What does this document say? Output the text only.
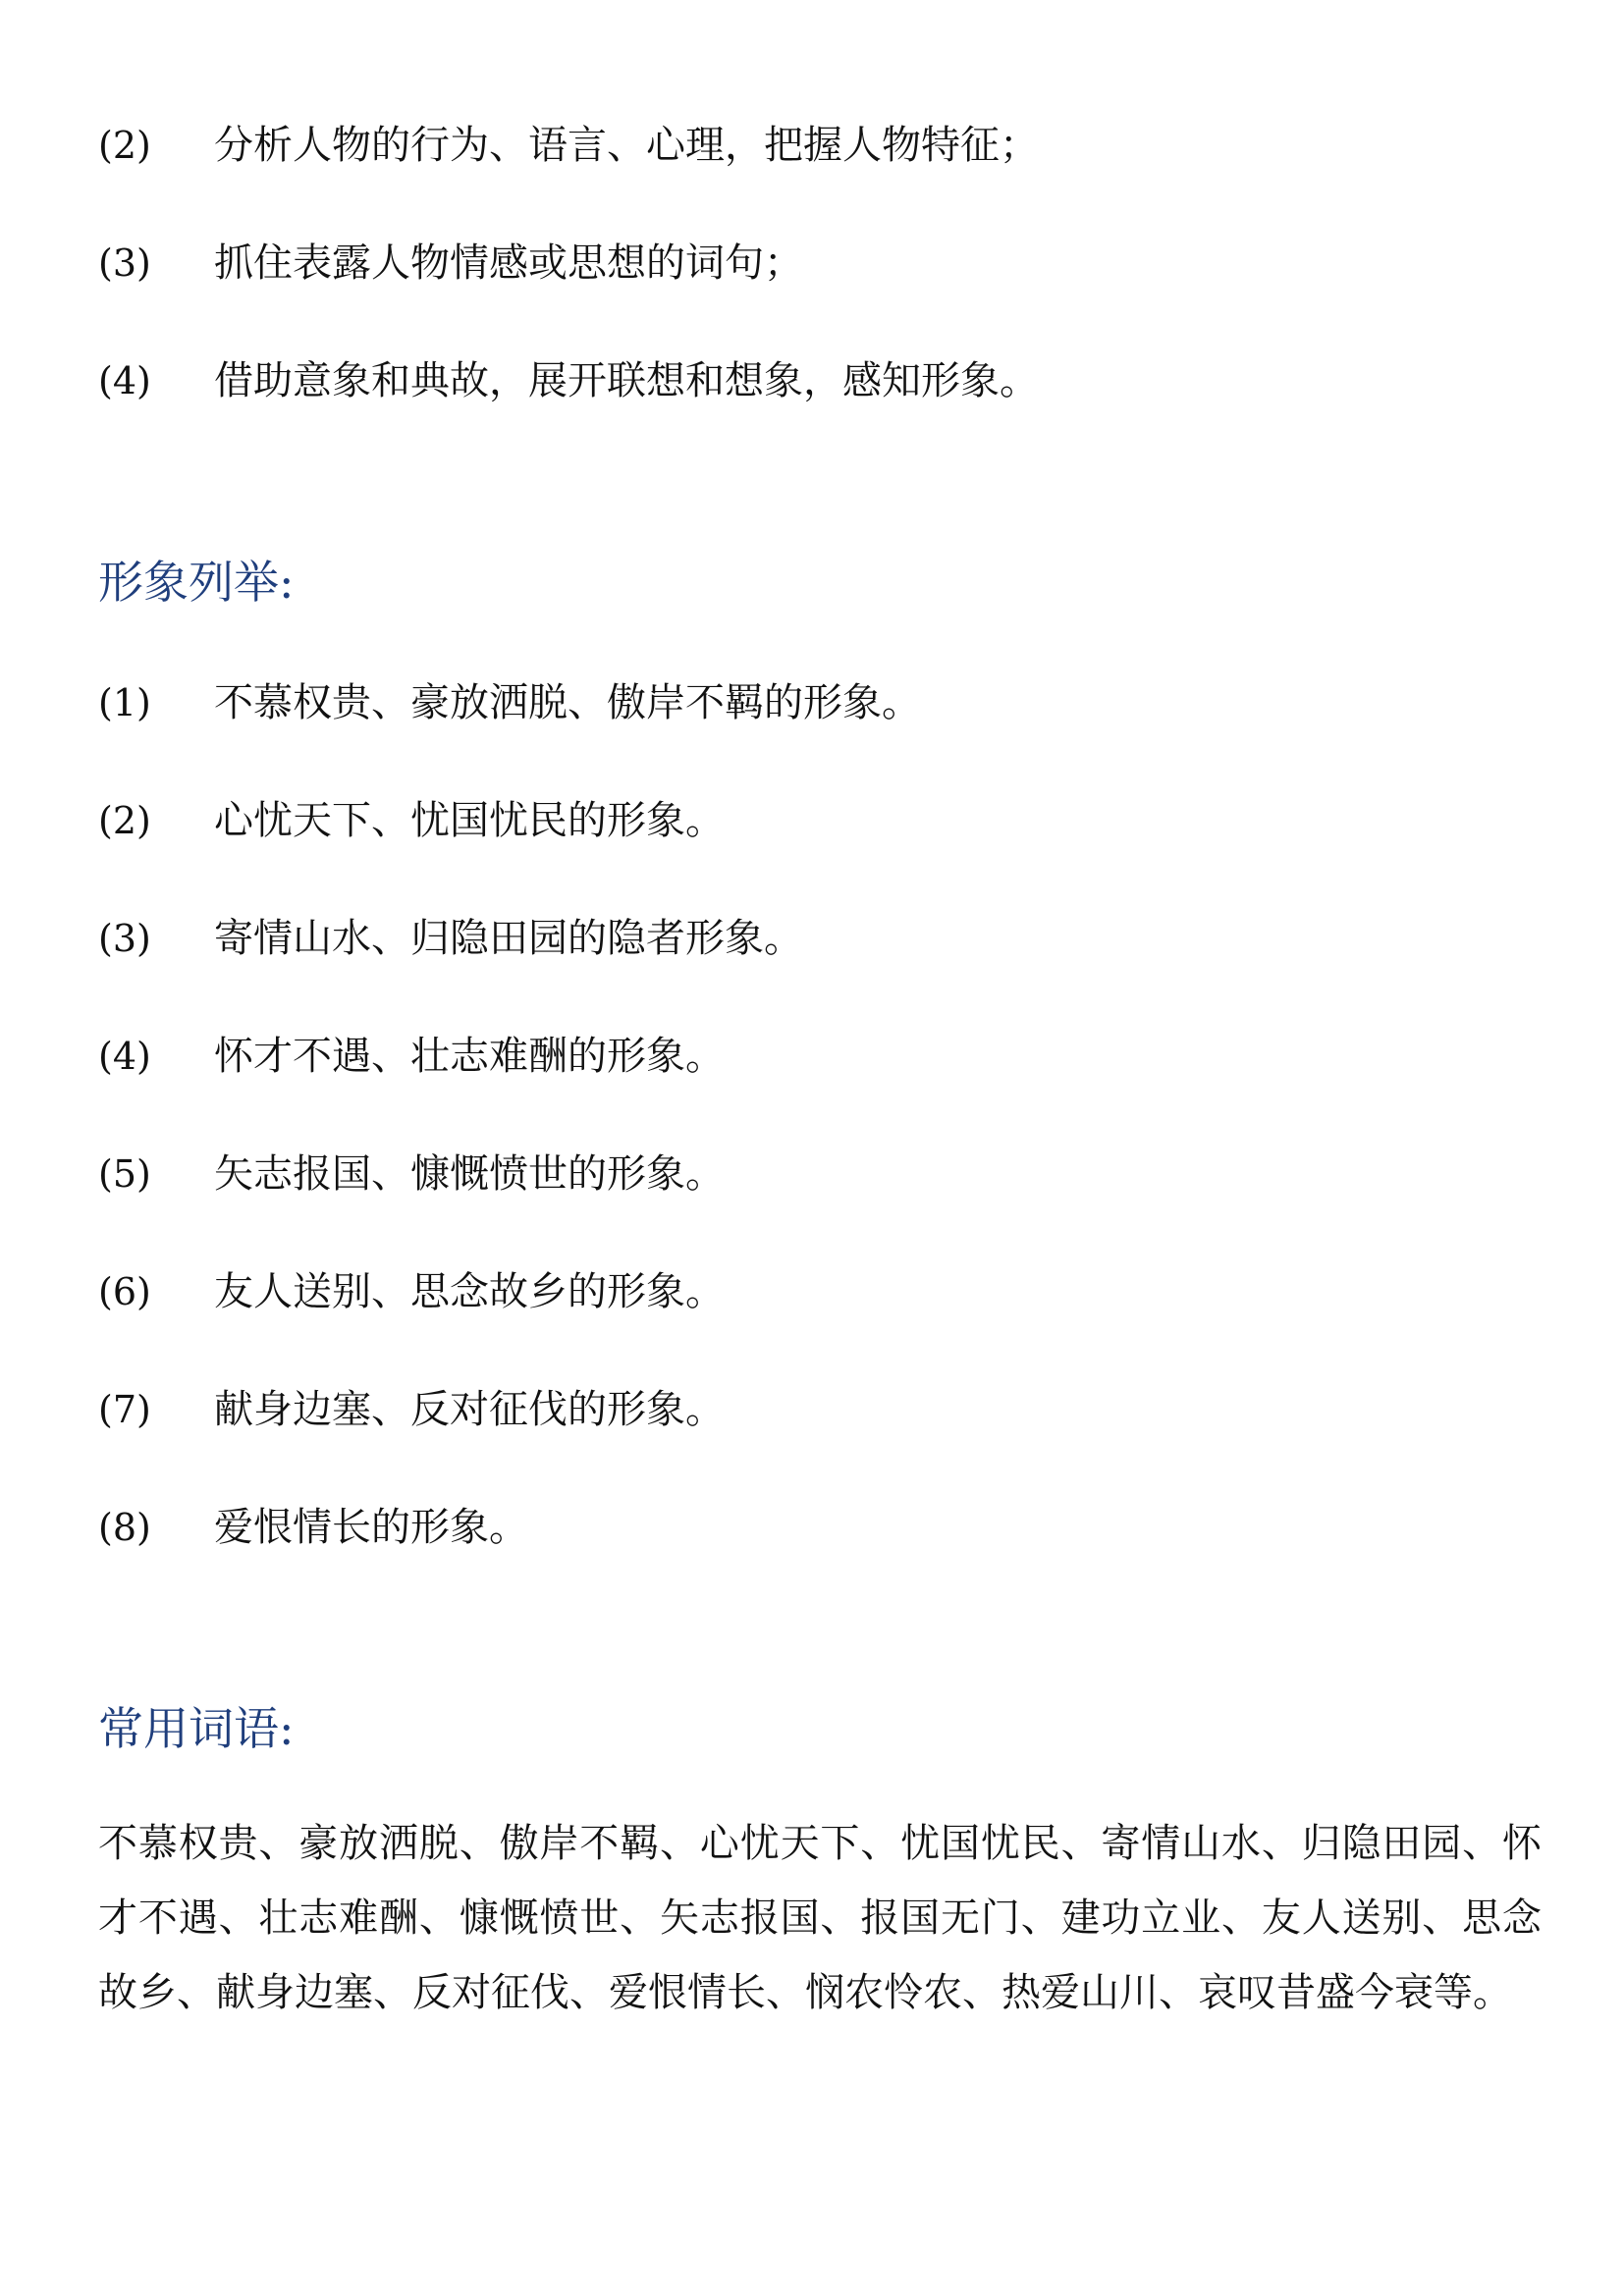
(2) 分析人物的行为、语言、心理，把握人物特征；
(3) 抓住表露人物情感或思想的词句；
(4) 借助意象和典故，展开联想和想象，感知形象。
形象列举:
(1) 不慕权贵、豪放洒脱、傲岸不羁的形象。
(2) 心忧天下、忧国忧民的形象。
(3) 寄情山水、归隐田园的隐者形象。
(4) 怀才不遇、壮志难酬的形象。
(5) 矢志报国、慷慨愤世的形象。
(6) 友人送别、思念故乡的形象。
(7) 献身边塞、反对征伐的形象。
(8) 爱恨情长的形象。
常用词语:

不慕权贵、豪放洒脱、傲岸不羁、心忧天下、忧国忧民、寄情山水、归隐田园、怀才不遇、壮志难酬、慷慨愤世、矢志报国、报国无门、建功立业、友人送别、思念故乡、献身边塞、反对征伐、爱恨情长、悯农怜农、热爱山川、哀叹昔盛今衰等。
